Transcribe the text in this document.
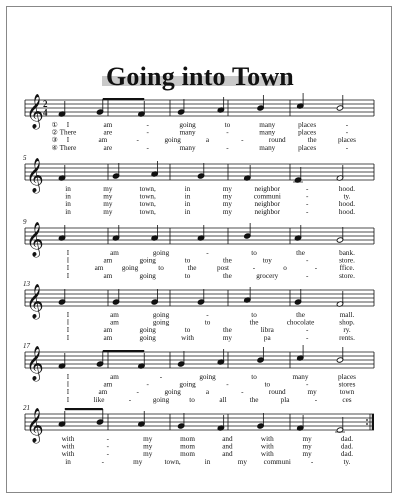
Going into Town
𝄞 2
4
① I	am	-	going	to	many	places	-
② There	are	-	many	-	many	places	-
③ I	am	-	going	a	-	round	the	places
④ There	are	-	many	-	many	places	-
𝄞
5
in	my	town,	in	my	neighbor	-	hood.
in	my	town,	in	my	communi	-	ty.
in	my	town,	in	my	neighbor	-	hood.
in	my	town,	in	my	neighbor	-	hood.
𝄞
9
I	am	going	-	to	the	bank.
I	am	going	to	the	toy	-	store.
I	am	going	to	the	post	-	o	-	ffice.
I	am	going	to	the	grocery	-	store.
𝄞
13
I	am	going	-	to	the	mall.
I	am	going	to	the	chocolate	shop.
I	am	going	to	the	libra	-	ry.
I	am	going	with	my	pa	-	rents.
𝄞
17
I	am	-	going	to	many	places
I	am	-	going	-	to	-	stores
I	am	-	going	a	-	round	my	town
I	like	-	going	to	all	the	pla	-	ces
𝄞
21
with	-	my	mom	and	with	my	dad.
with	-	my	mom	and	with	my	dad.
with	-	my	mom	and	with	my	dad.
in	-	my	town,	in	my communi	-	ty.
